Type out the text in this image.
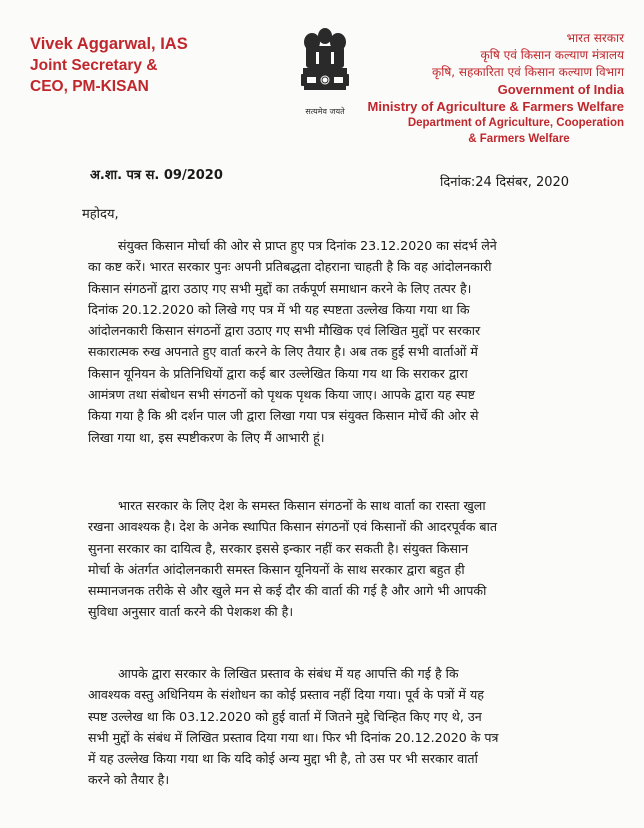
Vivek Aggarwal, IAS
Joint Secretary &
CEO, PM-KISAN
सत्यमेव जयते
भारत सरकार
कृषि एवं किसान कल्याण मंत्रालय
कृषि, सहकारिता एवं किसान कल्याण विभाग
Government of India
Ministry of Agriculture & Farmers Welfare
Department of Agriculture, Cooperation
& Farmers Welfare
अ.शा. पत्र स. 09/2020	दिनांक:24 दिसंबर, 2020
महोदय,
संयुक्त किसान मोर्चा की ओर से प्राप्त हुए पत्र दिनांक 23.12.2020 का संदर्भ लेने
का कष्ट करें। भारत सरकार पुनः अपनी प्रतिबद्धता दोहराना चाहती है कि वह आंदोलनकारी
किसान संगठनों द्वारा उठाए गए सभी मुद्दों का तर्कपूर्ण समाधान करने के लिए तत्पर है।
दिनांक 20.12.2020 को लिखे गए पत्र में भी यह स्पष्टता उल्लेख किया गया था कि
आंदोलनकारी किसान संगठनों द्वारा उठाए गए सभी मौखिक एवं लिखित मुद्दों पर सरकार
सकारात्मक रुख अपनाते हुए वार्ता करने के लिए तैयार है। अब तक हुई सभी वार्ताओं में
किसान यूनियन के प्रतिनिधियों द्वारा कई बार उल्लेखित किया गय था कि सराकर द्वारा
आमंत्रण तथा संबोधन सभी संगठनों को पृथक पृथक किया जाए। आपके द्वारा यह स्पष्ट
किया गया है कि श्री दर्शन पाल जी द्वारा लिखा गया पत्र संयुक्त किसान मोर्चे की ओर से
लिखा गया था, इस स्पष्टीकरण के लिए मैं आभारी हूं।
भारत सरकार के लिए देश के समस्त किसान संगठनों के साथ वार्ता का रास्ता खुला
रखना आवश्यक है। देश के अनेक स्थापित किसान संगठनों एवं किसानों की आदरपूर्वक बात
सुनना सरकार का दायित्व है, सरकार इससे इन्कार नहीं कर सकती है। संयुक्त किसान
मोर्चा के अंतर्गत आंदोलनकारी समस्त किसान यूनियनों के साथ सरकार द्वारा बहुत ही
सम्मानजनक तरीके से और खुले मन से कई दौर की वार्ता की गई है और आगे भी आपकी
सुविधा अनुसार वार्ता करने की पेशकश की है।
आपके द्वारा सरकार के लिखित प्रस्ताव के संबंध में यह आपत्ति की गई है कि
आवश्यक वस्तु अधिनियम के संशोधन का कोई प्रस्ताव नहीं दिया गया। पूर्व के पत्रों में यह
स्पष्ट उल्लेख था कि 03.12.2020 को हुई वार्ता में जितने मुद्दे चिन्हित किए गए थे, उन
सभी मुद्दों के संबंध में लिखित प्रस्ताव दिया गया था। फिर भी दिनांक 20.12.2020 के पत्र
में यह उल्लेख किया गया था कि यदि कोई अन्य मुद्दा भी है, तो उस पर भी सरकार वार्ता
करने को तैयार है।
